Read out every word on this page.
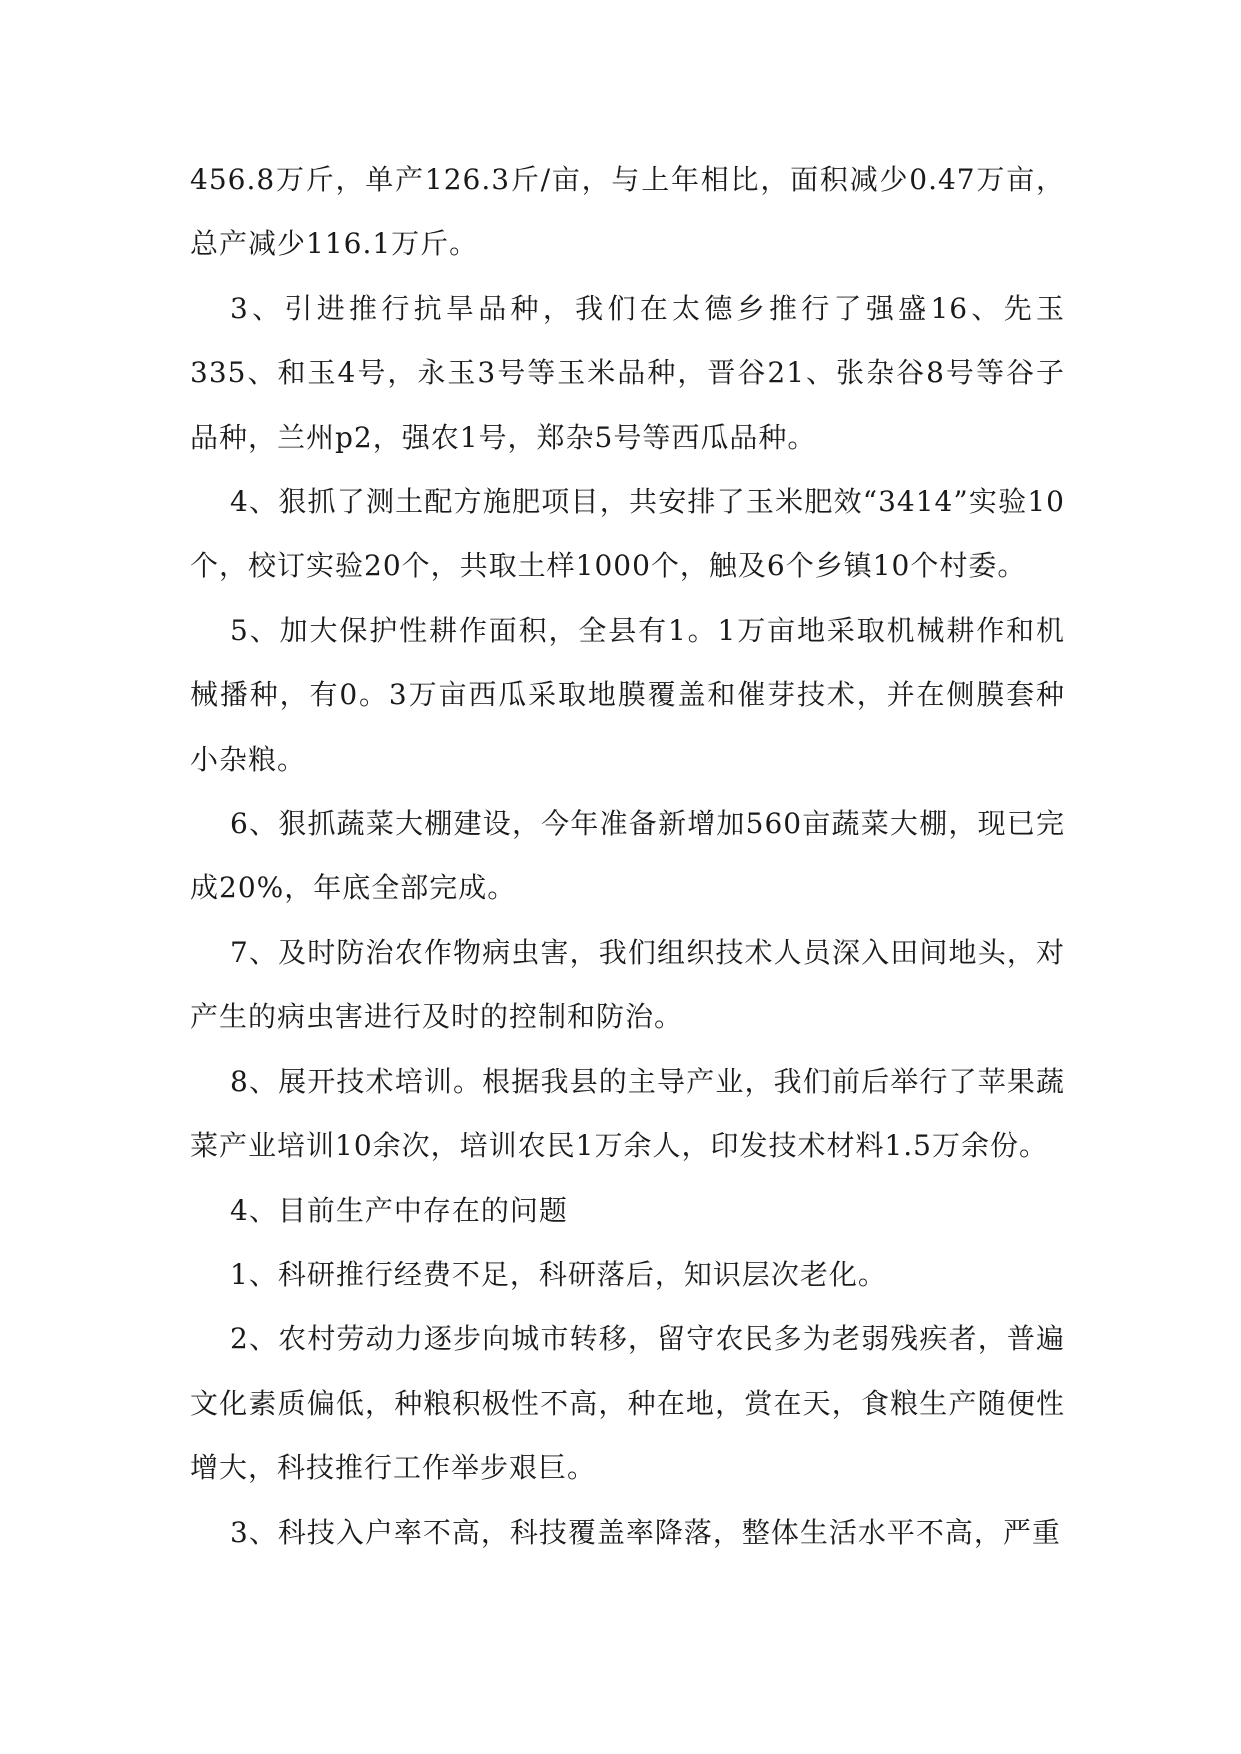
456.8万斤，单产126.3斤/亩，与上年相比，面积减少0.47万亩，总产减少116.1万斤。

3、引进推行抗旱品种，我们在太德乡推行了强盛16、先玉335、和玉4号，永玉3号等玉米品种，晋谷21、张杂谷8号等谷子品种，兰州p2，强农1号，郑杂5号等西瓜品种。

4、狠抓了测土配方施肥项目，共安排了玉米肥效“3414”实验10个，校订实验20个，共取土样1000个，触及6个乡镇10个村委。

5、加大保护性耕作面积，全县有1。1万亩地采取机械耕作和机械播种，有0。3万亩西瓜采取地膜覆盖和催芽技术，并在侧膜套种小杂粮。

6、狠抓蔬菜大棚建设，今年准备新增加560亩蔬菜大棚，现已完成20%，年底全部完成。

7、及时防治农作物病虫害，我们组织技术人员深入田间地头，对产生的病虫害进行及时的控制和防治。

8、展开技术培训。根据我县的主导产业，我们前后举行了苹果蔬菜产业培训10余次，培训农民1万余人，印发技术材料1.5万余份。

4、目前生产中存在的问题

1、科研推行经费不足，科研落后，知识层次老化。

2、农村劳动力逐步向城市转移，留守农民多为老弱残疾者，普遍文化素质偏低，种粮积极性不高，种在地，赏在天，食粮生产随便性增大，科技推行工作举步艰巨。

3、科技入户率不高，科技覆盖率降落，整体生活水平不高，严重
